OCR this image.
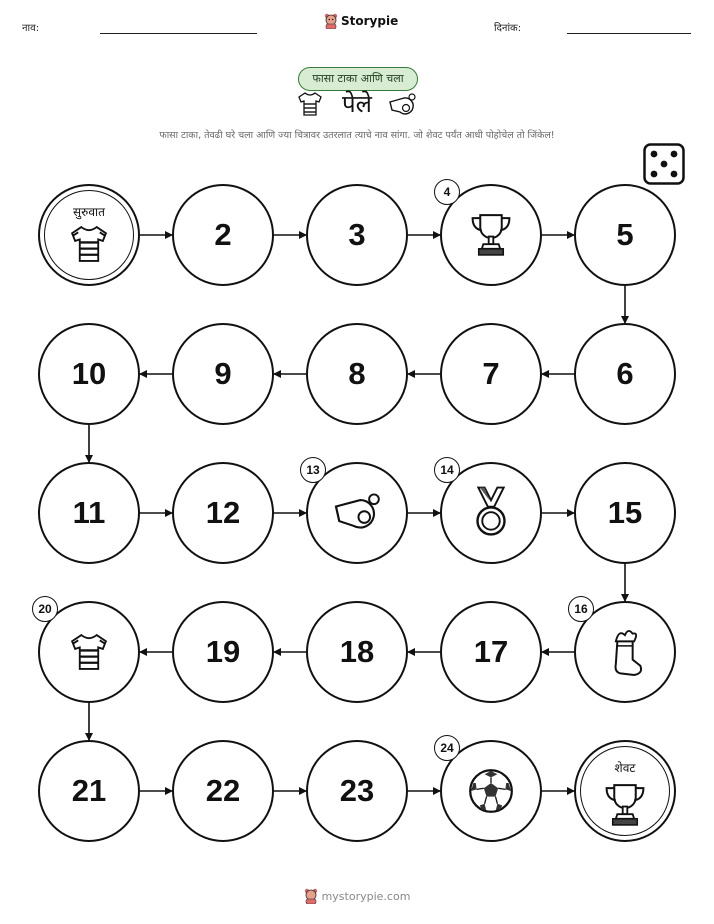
नाव:
Storypie
दिनांक:
फासा टाका आणि चला
पेले
फासा टाका, तेवढी घरे चला आणि ज्या चित्रावर उतरलात त्याचे नाव सांगा. जो शेवट पर्यंत आधी पोहोचेल तो जिंकेल!
सुरुवात
2	3
4
5
6
7
8
9
10
11	12
13	14
15
16
17
18
19
20
21	22	23
24
शेवट
mystorypie.com
